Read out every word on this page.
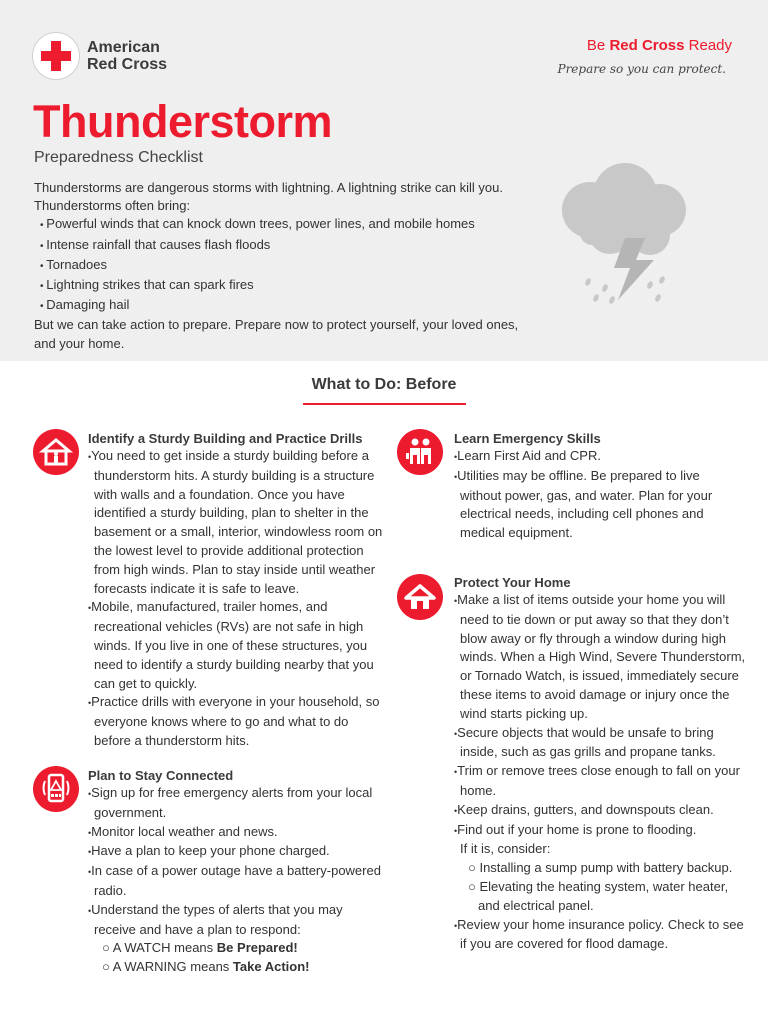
American
Red Cross
Be Red Cross Ready
Prepare so you can protect.
Thunderstorm
Preparedness Checklist

Thunderstorms are dangerous storms with lightning. A lightning strike can kill you. Thunderstorms often bring:

• Powerful winds that can knock down trees, power lines, and mobile homes
• Intense rainfall that causes flash floods
• Tornadoes
• Lightning strikes that can spark fires
• Damaging hail

But we can take action to prepare. Prepare now to protect yourself, your loved ones, and your home.

What to Do: Before
Identify a Sturdy Building and Practice Drills
•You need to get inside a sturdy building before a thunderstorm hits. A sturdy building is a structure with walls and a foundation. Once you have identified a sturdy building, plan to shelter in the basement or a small, interior, windowless room on the lowest level to provide additional protection from high winds. Plan to stay inside until weather forecasts indicate it is safe to leave.
•Mobile, manufactured, trailer homes, and recreational vehicles (RVs) are not safe in high winds. If you live in one of these structures, you need to identify a sturdy building nearby that you can get to quickly.
•Practice drills with everyone in your household, so everyone knows where to go and what to do before a thunderstorm hits.
Plan to Stay Connected
•Sign up for free emergency alerts from your local government.
•Monitor local weather and news.
•Have a plan to keep your phone charged.
•In case of a power outage have a battery-powered radio.
•Understand the types of alerts that you may receive and have a plan to respond:
○ A WATCH means Be Prepared!
○ A WARNING means Take Action!
Learn Emergency Skills
•Learn First Aid and CPR.
•Utilities may be offline. Be prepared to live without power, gas, and water. Plan for your electrical needs, including cell phones and medical equipment.
Protect Your Home
•Make a list of items outside your home you will need to tie down or put away so that they don’t blow away or fly through a window during high winds. When a High Wind, Severe Thunderstorm, or Tornado Watch, is issued, immediately secure these items to avoid damage or injury once the wind starts picking up.
•Secure objects that would be unsafe to bring inside, such as gas grills and propane tanks.
•Trim or remove trees close enough to fall on your home.
•Keep drains, gutters, and downspouts clean.
•Find out if your home is prone to flooding.
If it is, consider:
○ Installing a sump pump with battery backup.
○ Elevating the heating system, water heater, and electrical panel.
•Review your home insurance policy. Check to see if you are covered for flood damage.
